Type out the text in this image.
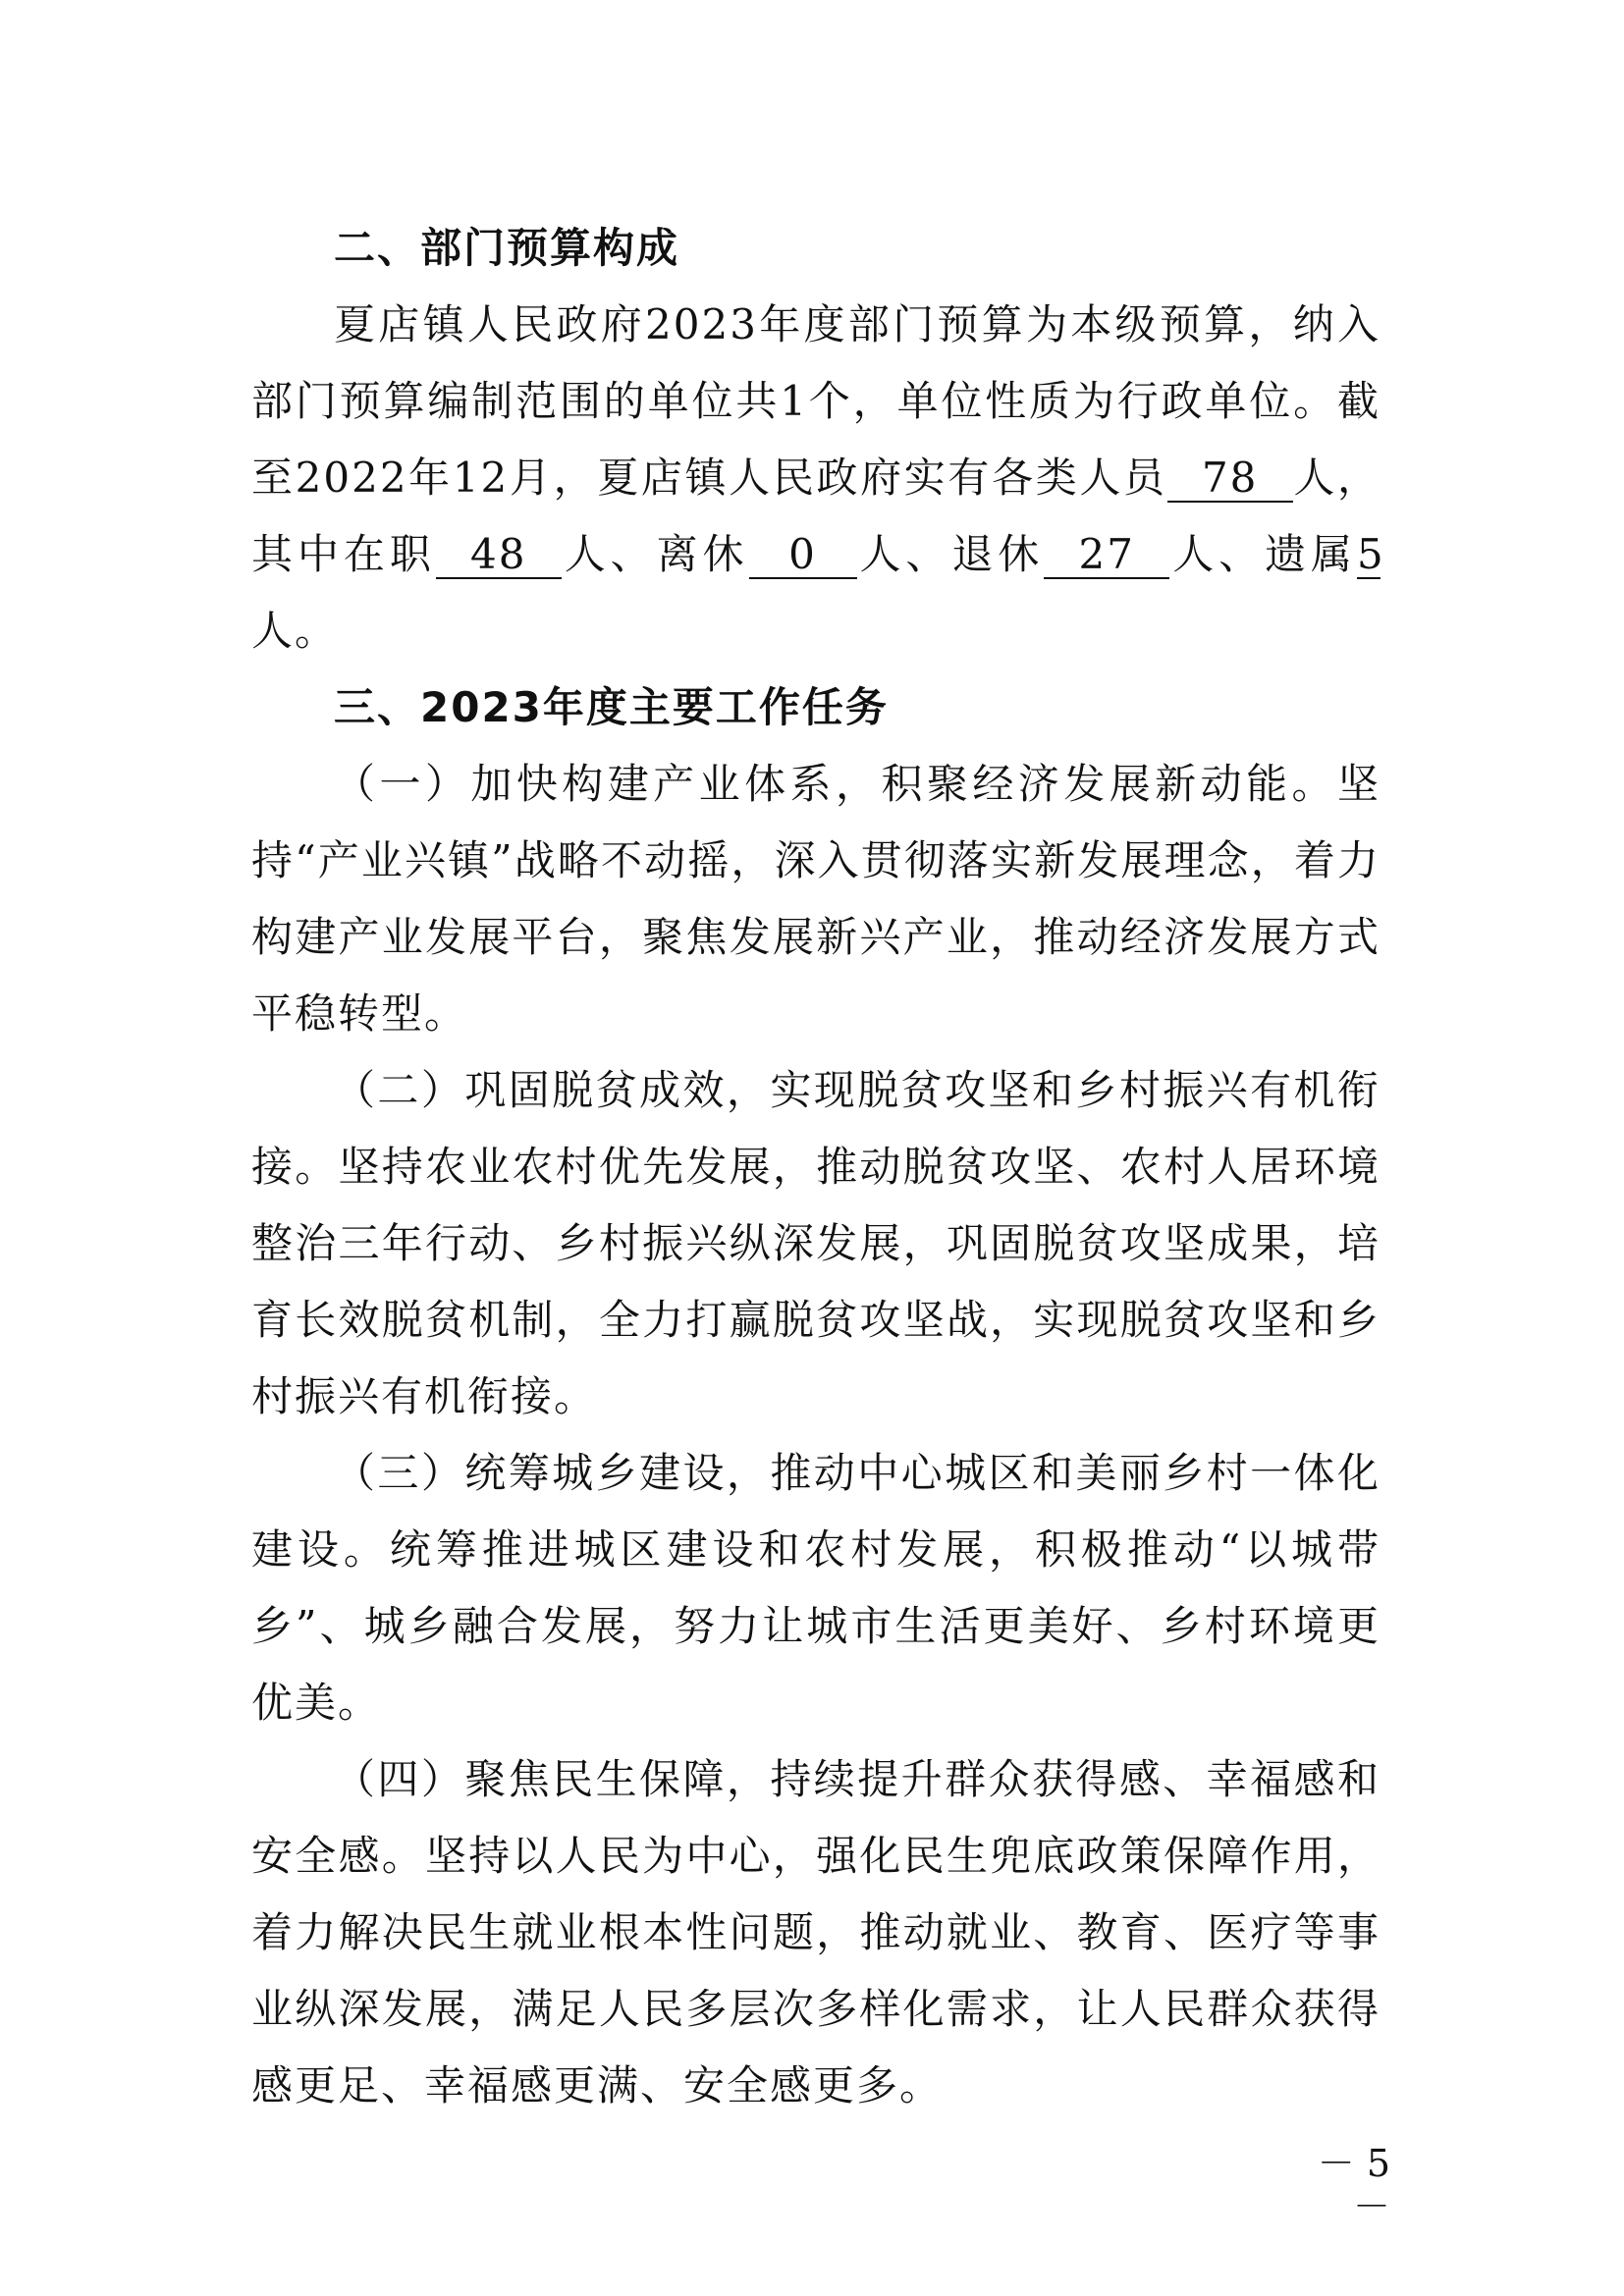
二、部门预算构成

夏店镇人民政府2023年度部门预算为本级预算，纳入部门预算编制范围的单位共1个，单位性质为行政单位。截至2022年12月，夏店镇人民政府实有各类人员 78 人，其中在职 48 人、离休 0 人、退休 27 人、遗属5人。

三、2023年度主要工作任务

（一）加快构建产业体系，积聚经济发展新动能。坚持“产业兴镇”战略不动摇，深入贯彻落实新发展理念，着力构建产业发展平台，聚焦发展新兴产业，推动经济发展方式平稳转型。

（二）巩固脱贫成效，实现脱贫攻坚和乡村振兴有机衔接。坚持农业农村优先发展，推动脱贫攻坚、农村人居环境整治三年行动、乡村振兴纵深发展，巩固脱贫攻坚成果，培育长效脱贫机制，全力打赢脱贫攻坚战，实现脱贫攻坚和乡村振兴有机衔接。

（三）统筹城乡建设，推动中心城区和美丽乡村一体化建设。统筹推进城区建设和农村发展，积极推动“以城带乡”、城乡融合发展，努力让城市生活更美好、乡村环境更优美。

（四）聚焦民生保障，持续提升群众获得感、幸福感和安全感。坚持以人民为中心，强化民生兜底政策保障作用，着力解决民生就业根本性问题，推动就业、教育、医疗等事业纵深发展，满足人民多层次多样化需求，让人民群众获得感更足、幸福感更满、安全感更多。

－ 5 －
